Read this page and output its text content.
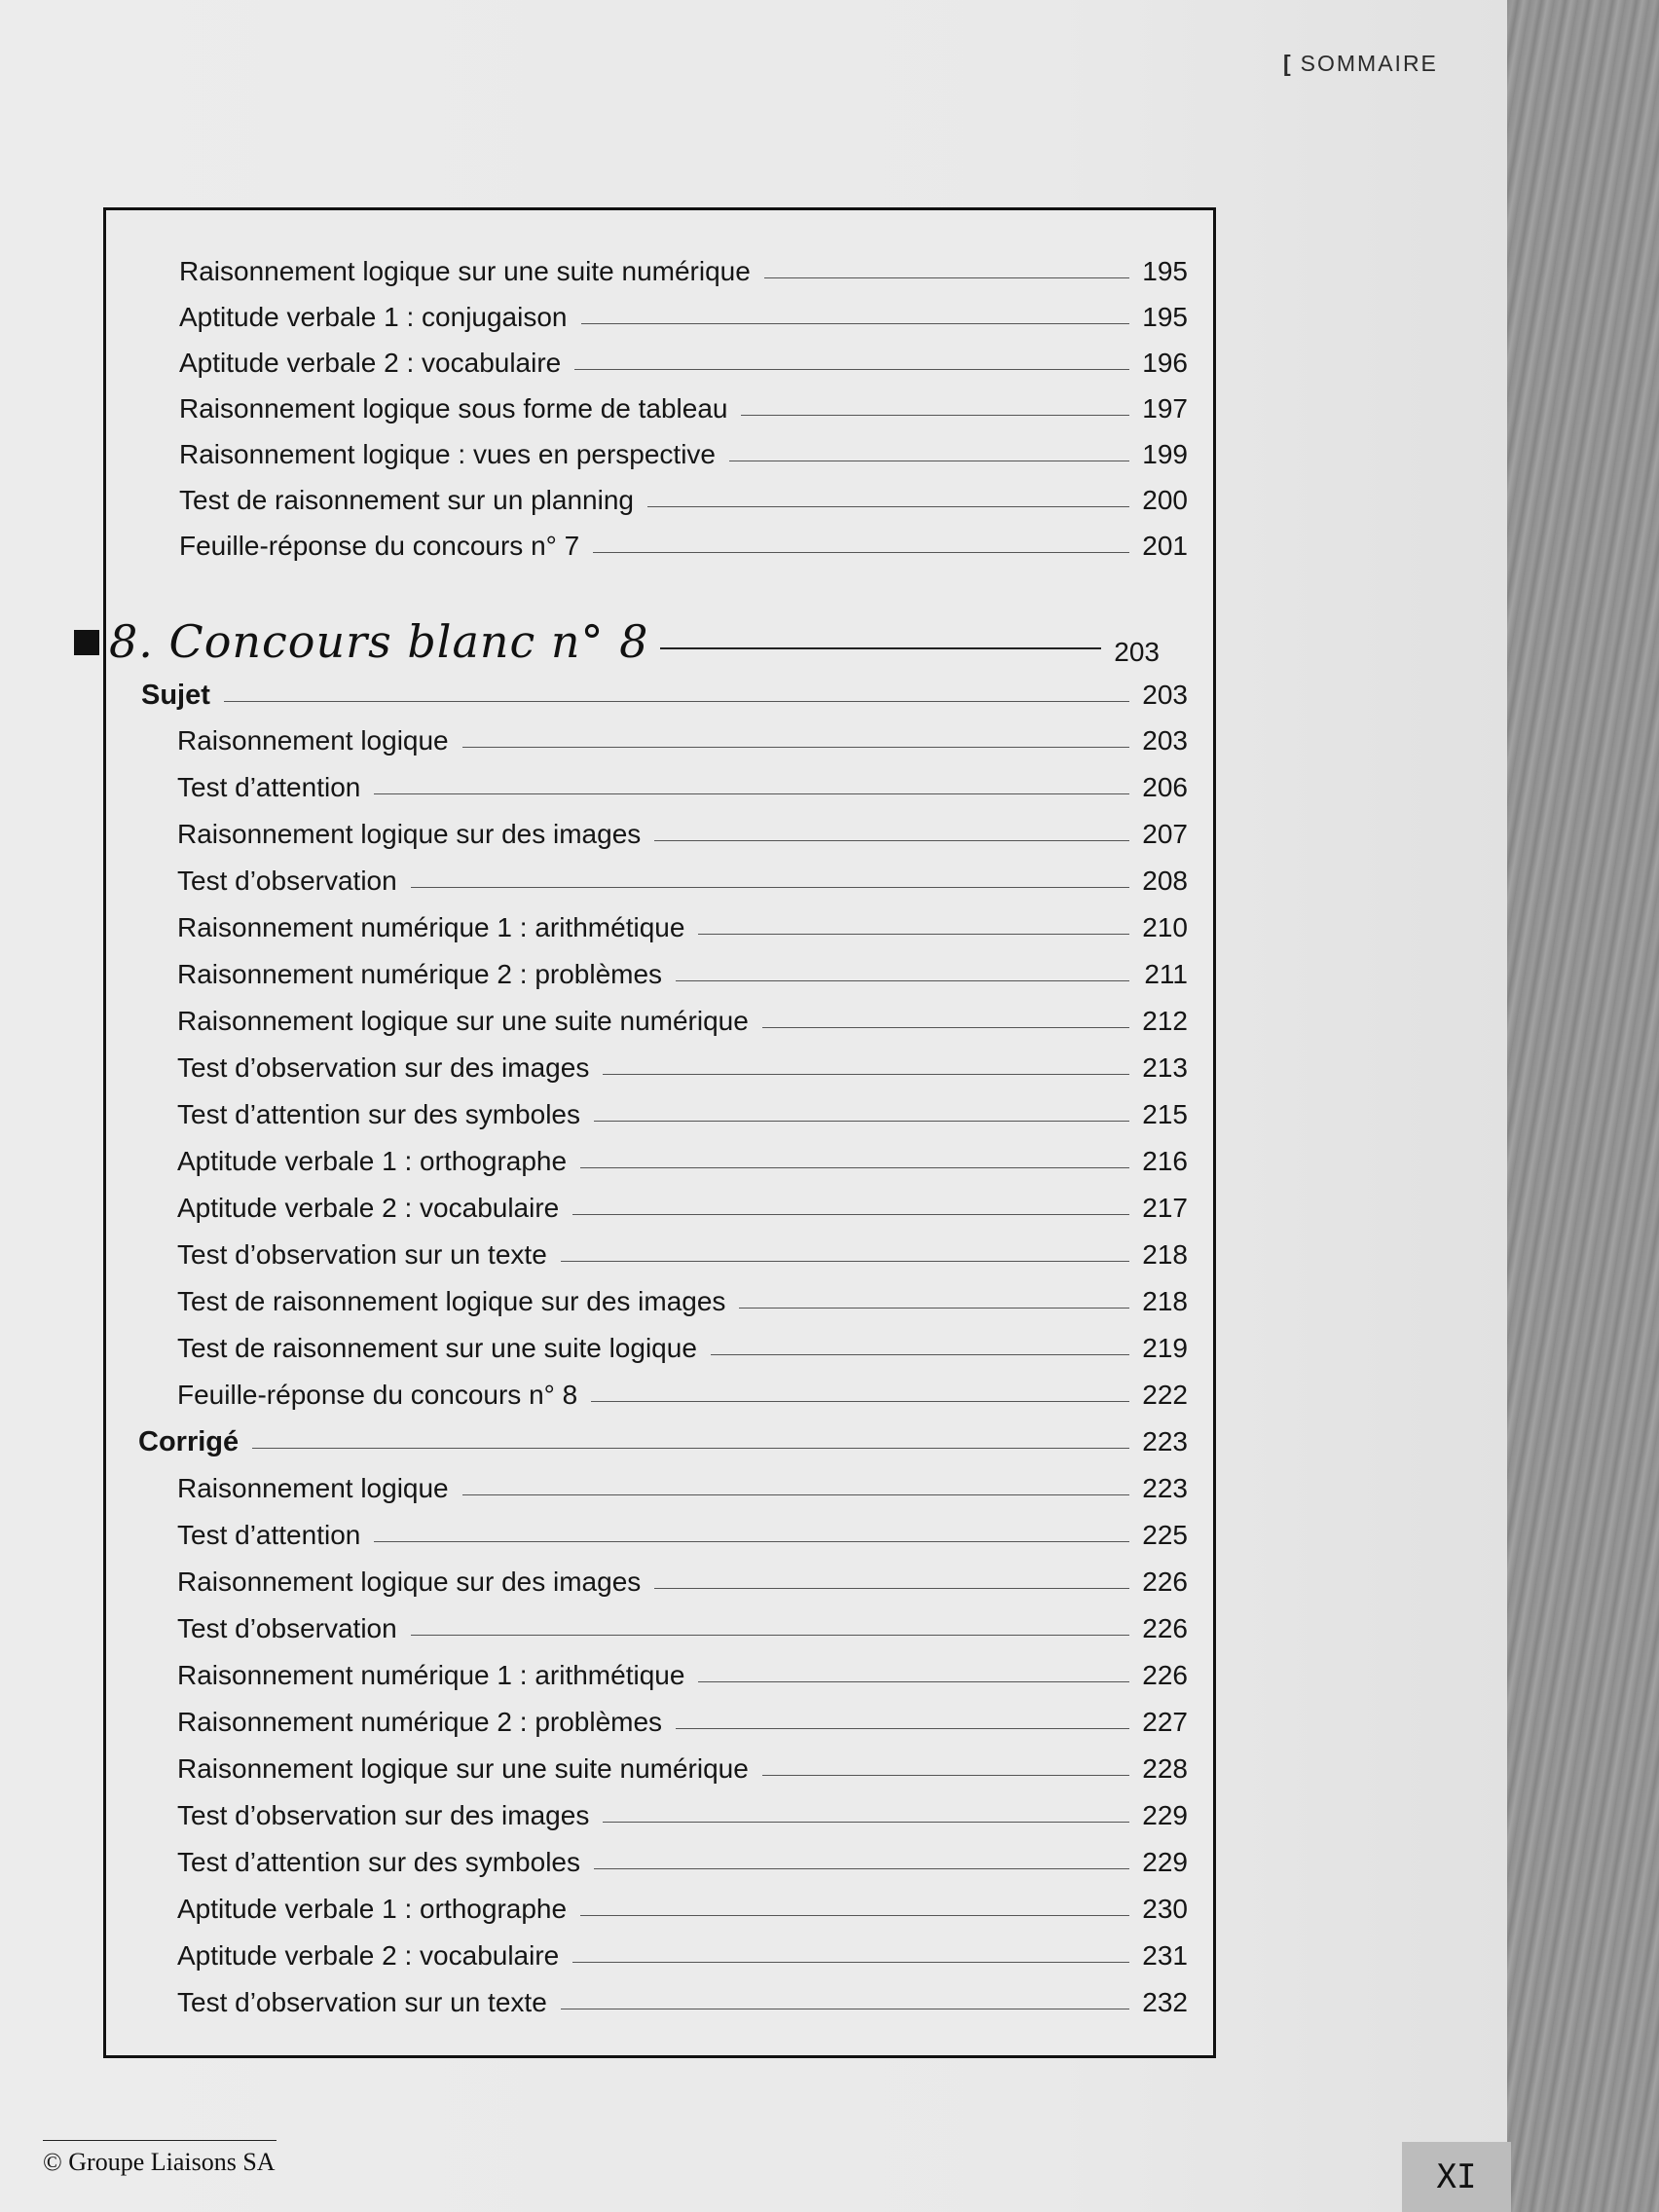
[ SOMMAIRE
Raisonnement logique sur une suite numérique	195
Aptitude verbale 1 : conjugaison	195
Aptitude verbale 2 : vocabulaire	196
Raisonnement logique sous forme de tableau	197
Raisonnement logique : vues en perspective	199
Test de raisonnement sur un planning	200
Feuille-réponse du concours n° 7	201
8. Concours blanc n° 8	203
Sujet	203
Raisonnement logique	203
Test d’attention	206
Raisonnement logique sur des images	207
Test d’observation	208
Raisonnement numérique 1 : arithmétique	210
Raisonnement numérique 2 : problèmes	211
Raisonnement logique sur une suite numérique	212
Test d’observation sur des images	213
Test d’attention sur des symboles	215
Aptitude verbale 1 : orthographe	216
Aptitude verbale 2 : vocabulaire	217
Test d’observation sur un texte	218
Test de raisonnement logique sur des images	218
Test de raisonnement sur une suite logique	219
Feuille-réponse du concours n° 8	222
Corrigé	223
Raisonnement logique	223
Test d’attention	225
Raisonnement logique sur des images	226
Test d’observation	226
Raisonnement numérique 1 : arithmétique	226
Raisonnement numérique 2 : problèmes	227
Raisonnement logique sur une suite numérique	228
Test d’observation sur des images	229
Test d’attention sur des symboles	229
Aptitude verbale 1 : orthographe	230
Aptitude verbale 2 : vocabulaire	231
Test d’observation sur un texte	232
© Groupe Liaisons SA	XI
